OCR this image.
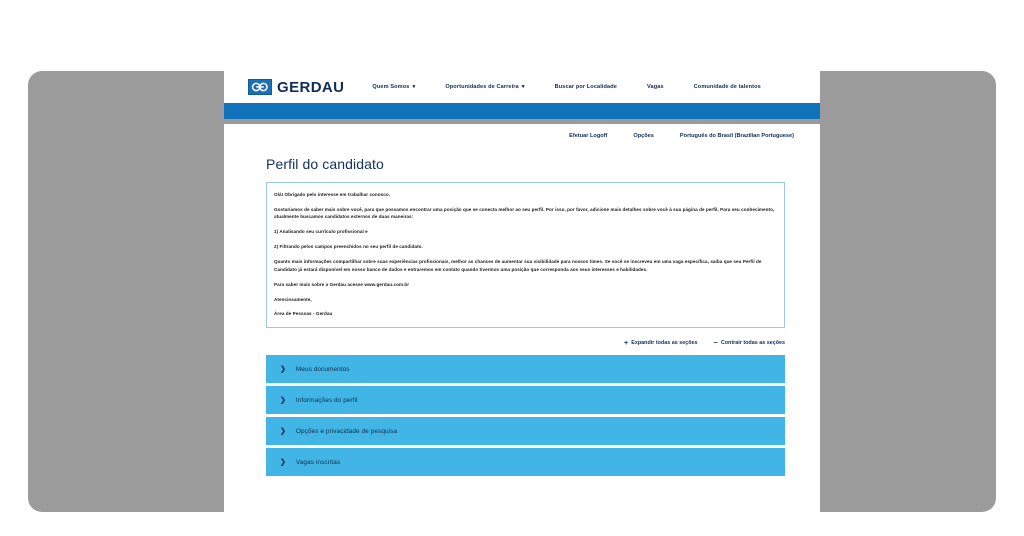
GERDAU	Quem Somos ▾	Oportunidades de Carreira ▾	Buscar por Localidade	Vagas	Comunidade de talentos
Efetuar Logoff	Opções	Português do Brasil (Brazilian Portuguese)
Perfil do candidato

Olá! Obrigado pelo interesse em trabalhar conosco.

Gostaríamos de saber mais sobre você, para que possamos encontrar uma posição que se conecta melhor ao seu perfil. Por isso, por favor, adicione mais detalhes sobre você à sua página de perfil. Para seu conhecimento, atualmente buscamos candidatos externos de duas maneiras:

1) Analisando seu currículo profissional e

2) Filtrando pelos campos preenchidos no seu perfil de candidato.

Quanto mais informações compartilhar sobre suas experiências profissionais, melhor as chances de aumentar sua visibilidade para nossos times. Se você se inscreveu em uma vaga específica, saiba que seu Perfil de Candidato já estará disponível em nosso banco de dados e entraremos em contato quando tivermos uma posição que corresponda aos seus interesses e habilidades.

Para saber mais sobre a Gerdau acesse www.gerdau.com.br

Atenciosamente,

Área de Pessoas - Gerdau

+ Expandir todas as seções − Contrair todas as seções
❯ Meus documentos
❯ Informações do perfil
❯ Opções e privacidade de pesquisa
❯ Vagas inscritas
